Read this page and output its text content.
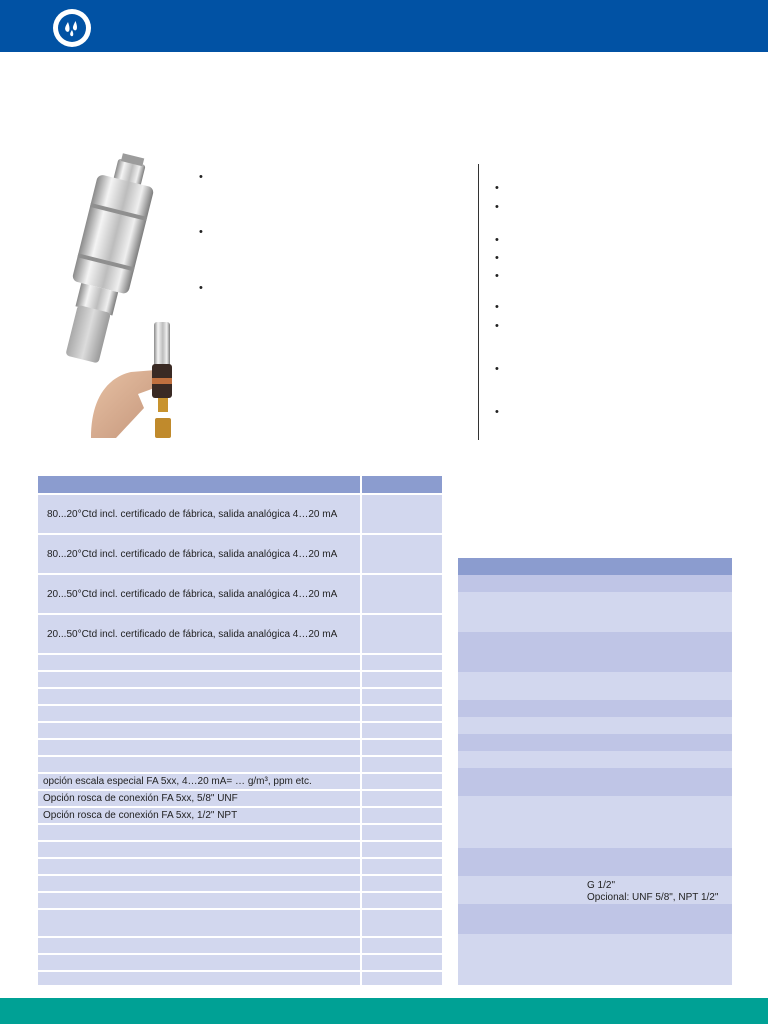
•
•
•
•
•
•
•
•
•
•
•
•
80...20°Ctd incl. certificado de fábrica, salida analógica 4…20 mA
80...20°Ctd incl. certificado de fábrica, salida analógica 4…20 mA
20...50°Ctd incl. certificado de fábrica, salida analógica 4…20 mA
20...50°Ctd incl. certificado de fábrica, salida analógica 4…20 mA
opción escala especial FA 5xx, 4…20 mA= … g/m³, ppm etc.
Opción rosca de conexión FA 5xx, 5/8" UNF
Opción rosca de conexión FA 5xx, 1/2" NPT
G 1/2"
Opcional: UNF 5/8", NPT 1/2"
